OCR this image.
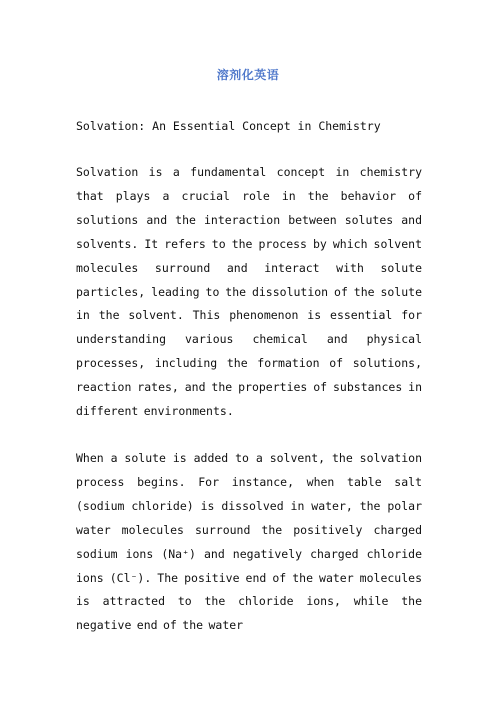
溶剂化英语
Solvation: An Essential Concept in Chemistry

Solvation is a fundamental concept in chemistry that plays a crucial role in the behavior of solutions and the interaction between solutes and solvents. It refers to the process by which solvent molecules surround and interact with solute particles, leading to the dissolution of the solute in the solvent. This phenomenon is essential for understanding various chemical and physical processes, including the formation of solutions, reaction rates, and the properties of substances in different environments.

When a solute is added to a solvent, the solvation process begins. For instance, when table salt (sodium chloride) is dissolved in water, the polar water molecules surround the positively charged sodium ions (Na⁺) and negatively charged chloride ions (Cl⁻). The positive end of the water molecules is attracted to the chloride ions, while the negative end of the water
